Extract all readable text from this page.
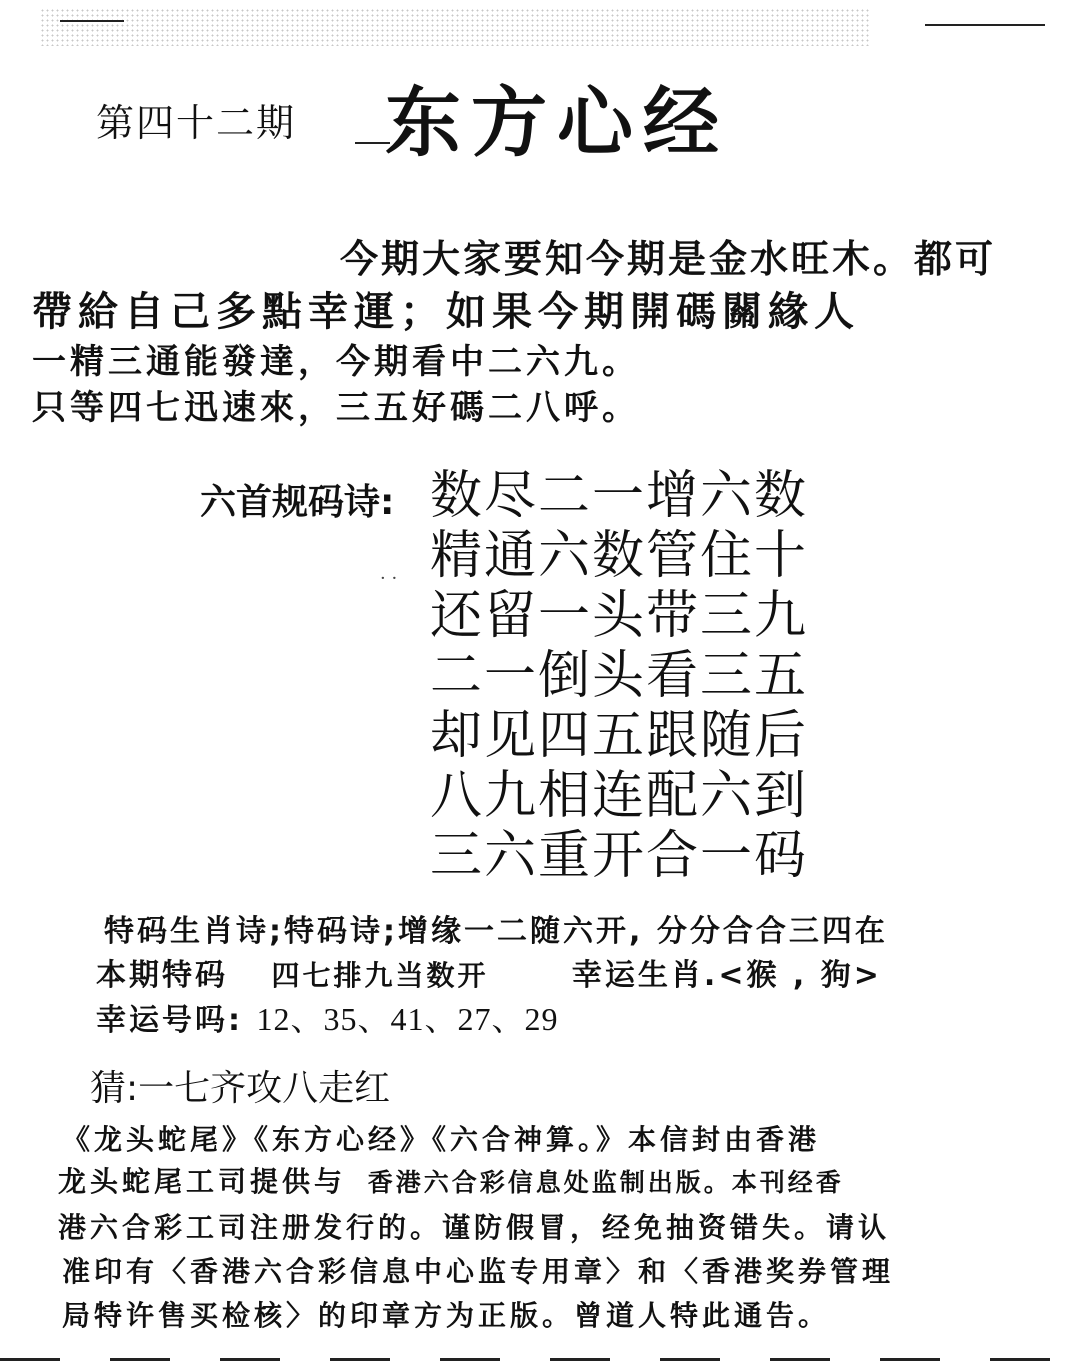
第四十二期 东方心经
今期大家要知今期是金水旺木。都可
帶給自己多點幸運；如果今期開碼關緣人
一精三通能發達，今期看中二六九。
只等四七迅速來，三五好碼二八呼。
六首规码诗:
· ·
数尽二一增六数
精通六数管住十
还留一头带三九
二一倒头看三五
却见四五跟随后
八九相连配六到
三六重开合一码
特码生肖诗;特码诗;增缘一二随六开, 分分合合三四在
本期特码 四七排九当数开	幸运生肖.<猴 , 狗>
幸运号吗: 12、35、41、27、29
猜:一七齐攻八走红
《龙头蛇尾》《东方心经》《六合神算。》本信封由香港
龙头蛇尾工司提供与 香港六合彩信息处监制出版。本刊经香
港六合彩工司注册发行的。谨防假冒，经免抽资错失。请认
准印有〈香港六合彩信息中心监专用章〉和〈香港奖券管理
局特许售买检核〉的印章方为正版。曾道人特此通告。
